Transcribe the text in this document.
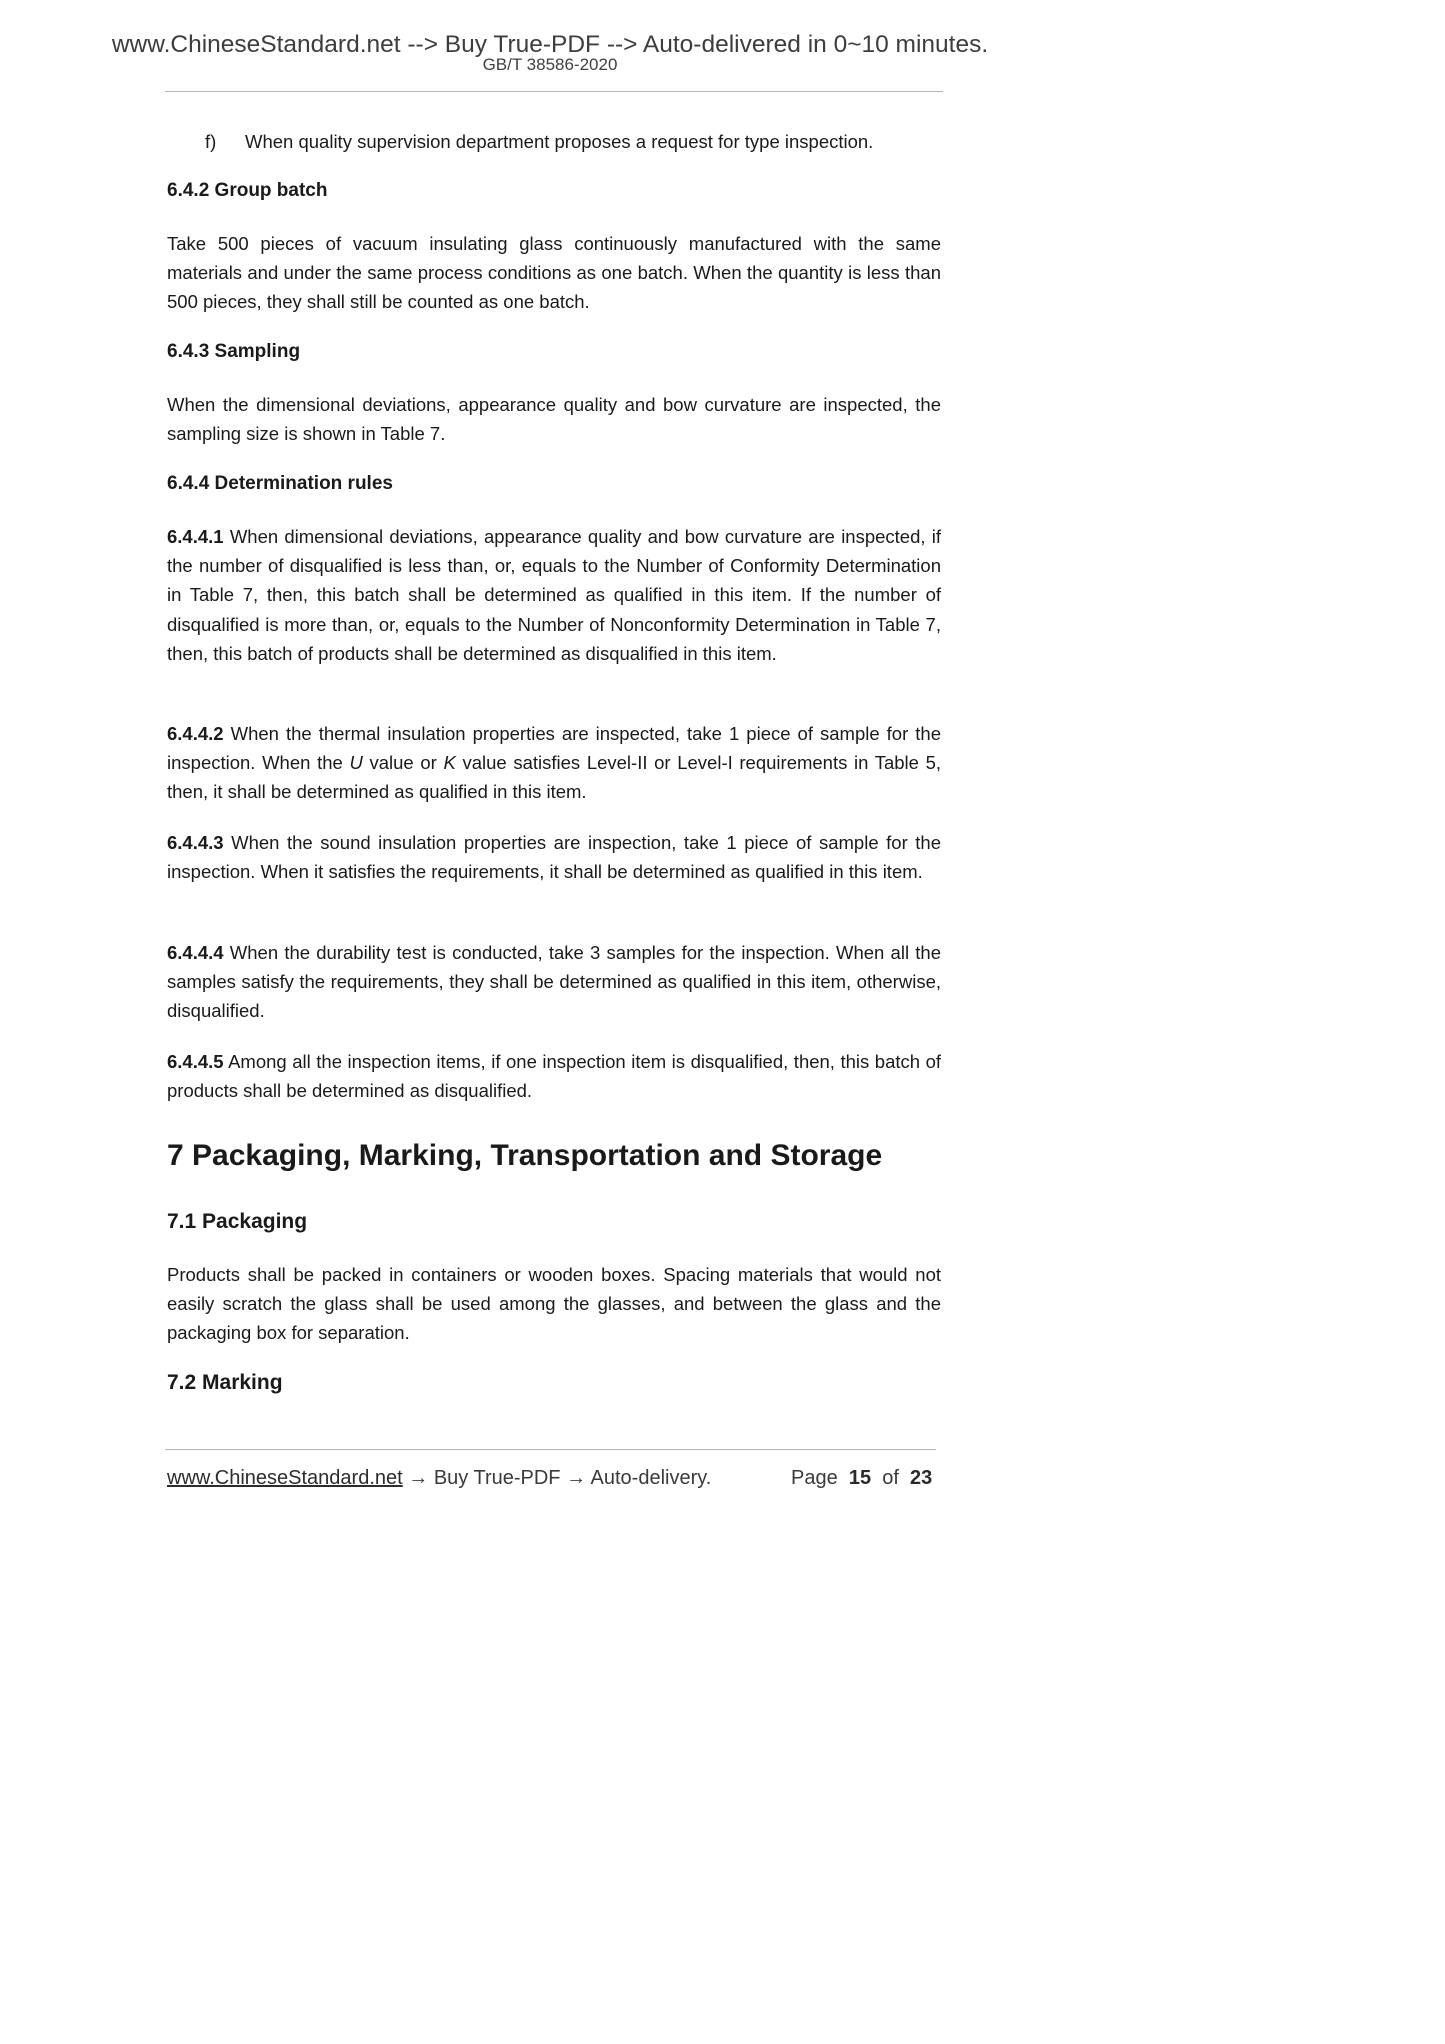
www.ChineseStandard.net --> Buy True-PDF --> Auto-delivered in 0~10 minutes.
GB/T 38586-2020
f) When quality supervision department proposes a request for type inspection.
6.4.2 Group batch

Take 500 pieces of vacuum insulating glass continuously manufactured with the same materials and under the same process conditions as one batch. When the quantity is less than 500 pieces, they shall still be counted as one batch.

6.4.3 Sampling

When the dimensional deviations, appearance quality and bow curvature are inspected, the sampling size is shown in Table 7.

6.4.4 Determination rules

6.4.4.1 When dimensional deviations, appearance quality and bow curvature are inspected, if the number of disqualified is less than, or, equals to the Number of Conformity Determination in Table 7, then, this batch shall be determined as qualified in this item. If the number of disqualified is more than, or, equals to the Number of Nonconformity Determination in Table 7, then, this batch of products shall be determined as disqualified in this item.

6.4.4.2 When the thermal insulation properties are inspected, take 1 piece of sample for the inspection. When the U value or K value satisfies Level-II or Level-I requirements in Table 5, then, it shall be determined as qualified in this item.

6.4.4.3 When the sound insulation properties are inspection, take 1 piece of sample for the inspection. When it satisfies the requirements, it shall be determined as qualified in this item.

6.4.4.4 When the durability test is conducted, take 3 samples for the inspection. When all the samples satisfy the requirements, they shall be determined as qualified in this item, otherwise, disqualified.

6.4.4.5 Among all the inspection items, if one inspection item is disqualified, then, this batch of products shall be determined as disqualified.

7 Packaging, Marking, Transportation and Storage
7.1 Packaging

Products shall be packed in containers or wooden boxes. Spacing materials that would not easily scratch the glass shall be used among the glasses, and between the glass and the packaging box for separation.

7.2 Marking
www.ChineseStandard.net → Buy True-PDF → Auto-delivery.	Page 15 of 23
